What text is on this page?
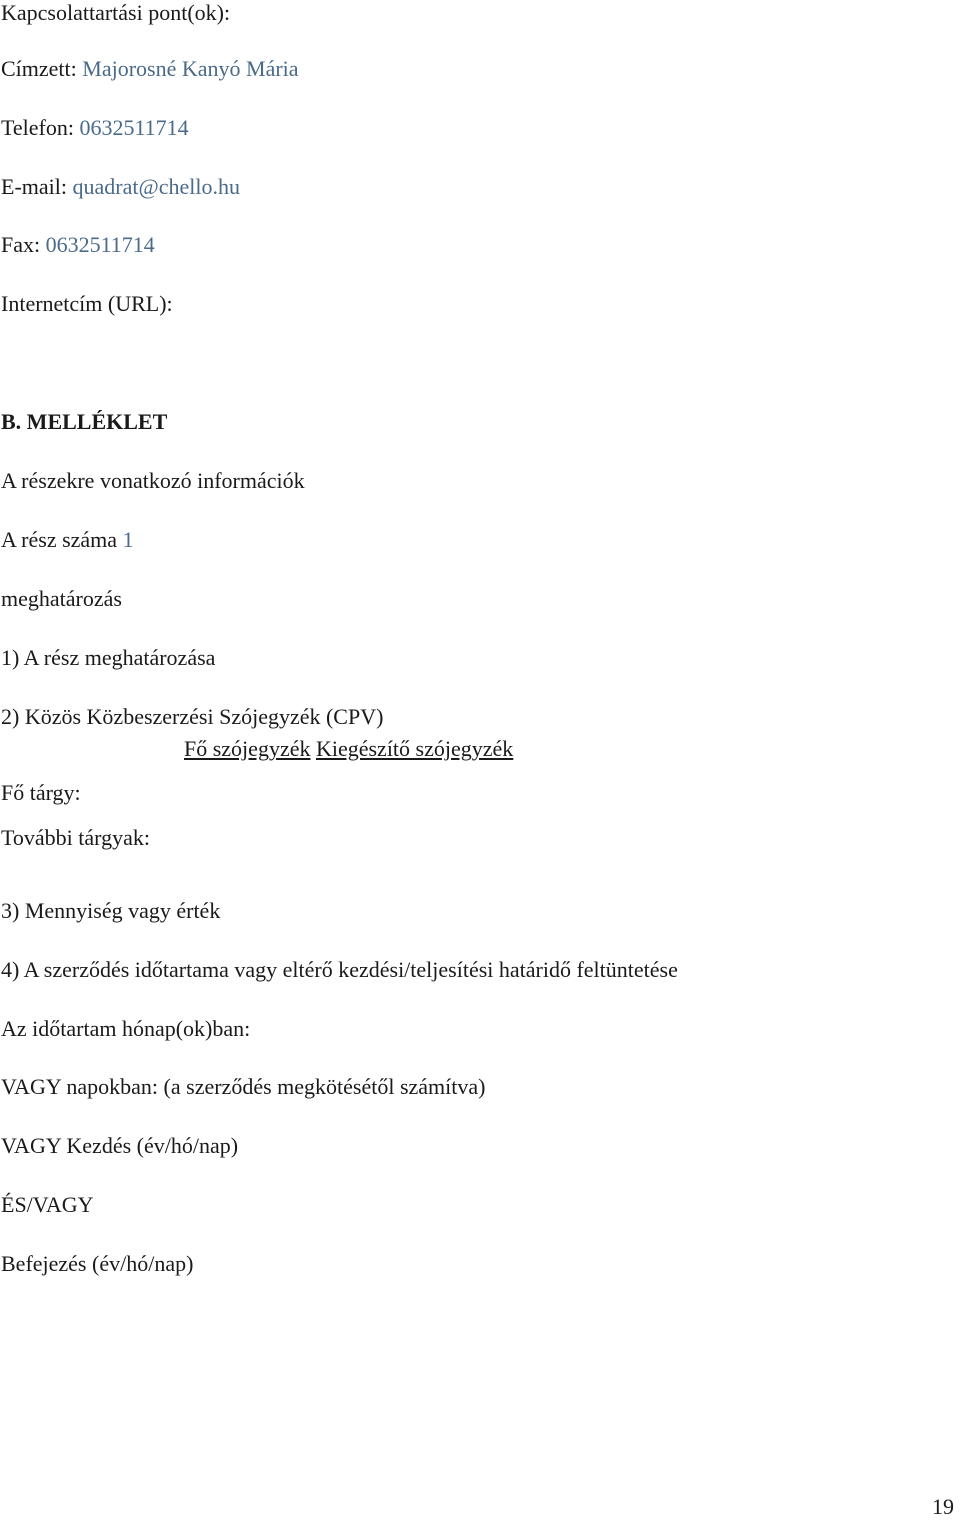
Kapcsolattartási pont(ok):
Címzett: Majorosné Kanyó Mária
Telefon: 0632511714
E-mail: quadrat@chello.hu
Fax: 0632511714
Internetcím (URL):
B. MELLÉKLET
A részekre vonatkozó információk
A rész száma 1
meghatározás
1) A rész meghatározása
2) Közös Közbeszerzési Szójegyzék (CPV)
Fő szójegyzék Kiegészítő szójegyzék
Fő tárgy:
További tárgyak:
3) Mennyiség vagy érték
4) A szerződés időtartama vagy eltérő kezdési/teljesítési határidő feltüntetése
Az időtartam hónap(ok)ban:
VAGY napokban: (a szerződés megkötésétől számítva)
VAGY Kezdés (év/hó/nap)
ÉS/VAGY
Befejezés (év/hó/nap)
19
